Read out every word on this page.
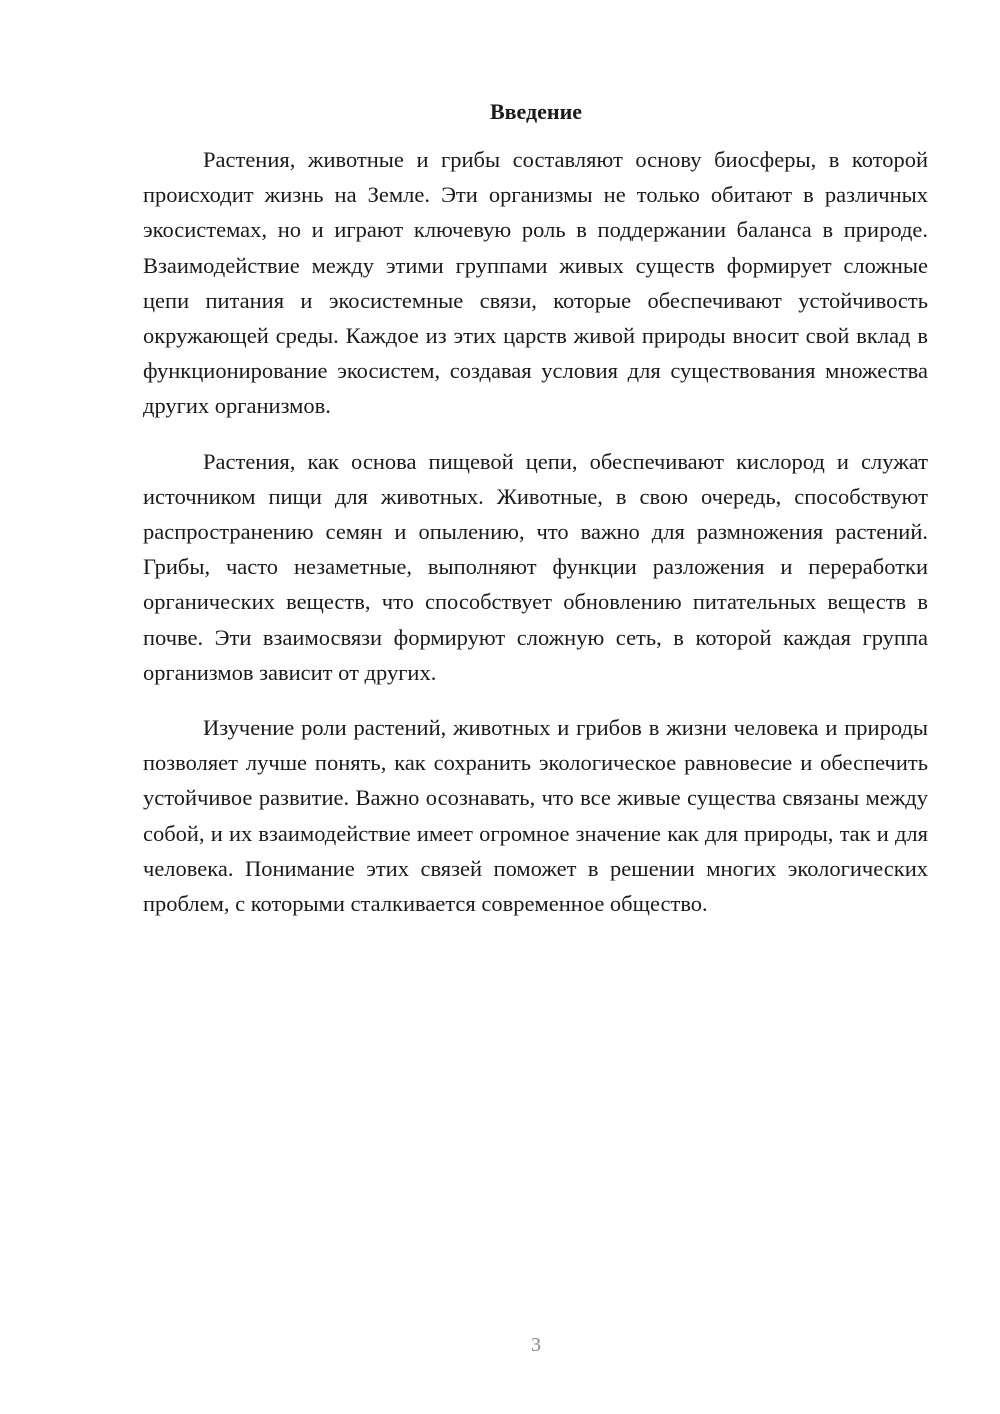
Введение

Растения, животные и грибы составляют основу биосферы, в которой происходит жизнь на Земле. Эти организмы не только обитают в различных экосистемах, но и играют ключевую роль в поддержании баланса в природе. Взаимодействие между этими группами живых существ формирует сложные цепи питания и экосистемные связи, которые обеспечивают устойчивость окружающей среды. Каждое из этих царств живой природы вносит свой вклад в функционирование экосистем, создавая условия для существования множества других организмов.

Растения, как основа пищевой цепи, обеспечивают кислород и служат источником пищи для животных. Животные, в свою очередь, способствуют распространению семян и опылению, что важно для размножения растений. Грибы, часто незаметные, выполняют функции разложения и переработки органических веществ, что способствует обновлению питательных веществ в почве. Эти взаимосвязи формируют сложную сеть, в которой каждая группа организмов зависит от других.

Изучение роли растений, животных и грибов в жизни человека и природы позволяет лучше понять, как сохранить экологическое равновесие и обеспечить устойчивое развитие. Важно осознавать, что все живые существа связаны между собой, и их взаимодействие имеет огромное значение как для природы, так и для человека. Понимание этих связей поможет в решении многих экологических проблем, с которыми сталкивается современное общество.

3
